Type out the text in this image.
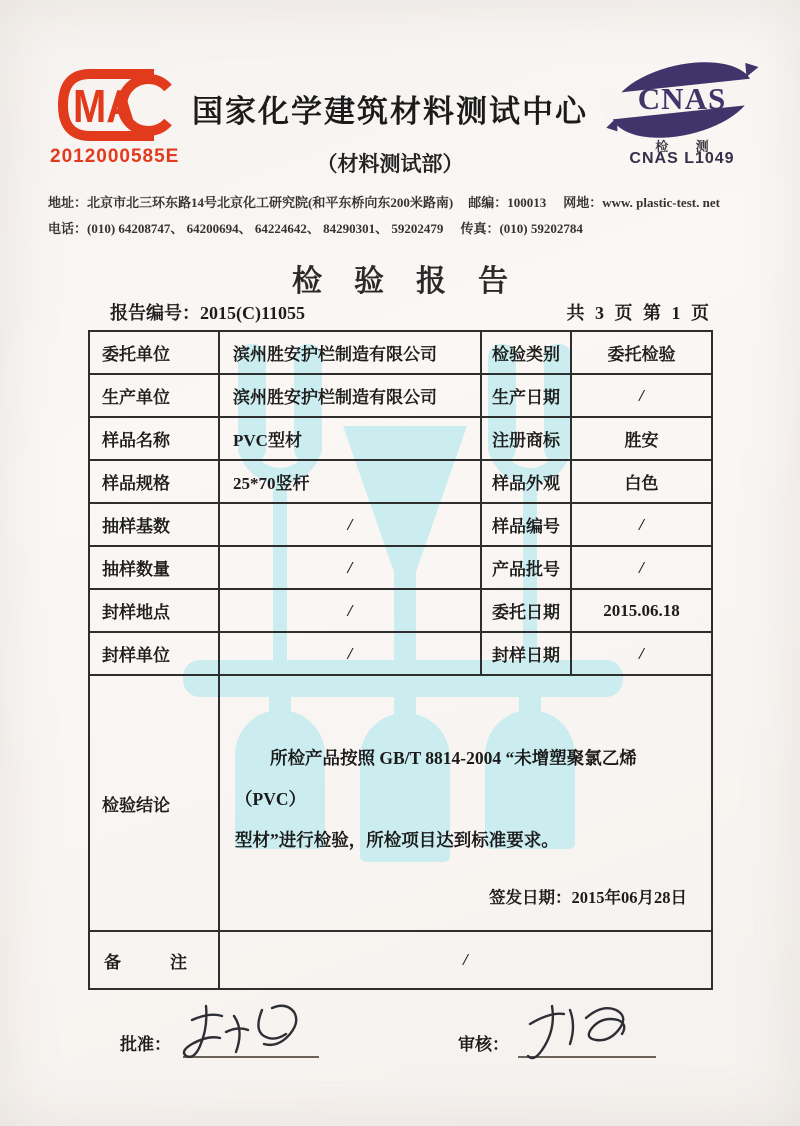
MA
2012000585E
国家化学建筑材料测试中心
（材料测试部）
CNAS
检 测
CNAS L1049
地址：北京市北三环东路14号北京化工研究院(和平东桥向东200米路南) 邮编：100013 网地：www. plastic-test. net
电话：(010) 64208747、 64200694、 64224642、 84290301、 59202479 传真：(010) 59202784
检验报告
报告编号：2015(C)11055	共 3 页 第 1 页
委托单位	滨州胜安护栏制造有限公司	检验类别	委托检验
生产单位	滨州胜安护栏制造有限公司	生产日期	/
样品名称	PVC型材	注册商标	胜安
样品规格	25*70竖杆	样品外观	白色
抽样基数	/	样品编号	/
抽样数量	/	产品批号	/
封样地点	/	委托日期	2015.06.18
封样单位	/	封样日期	/
检验结论
所检产品按照 GB/T 8814-2004 “未增塑聚氯乙烯（PVC）
型材”进行检验，所检项目达到标准要求。
签发日期：2015年06月28日
备　注	/
批准：	审核：
